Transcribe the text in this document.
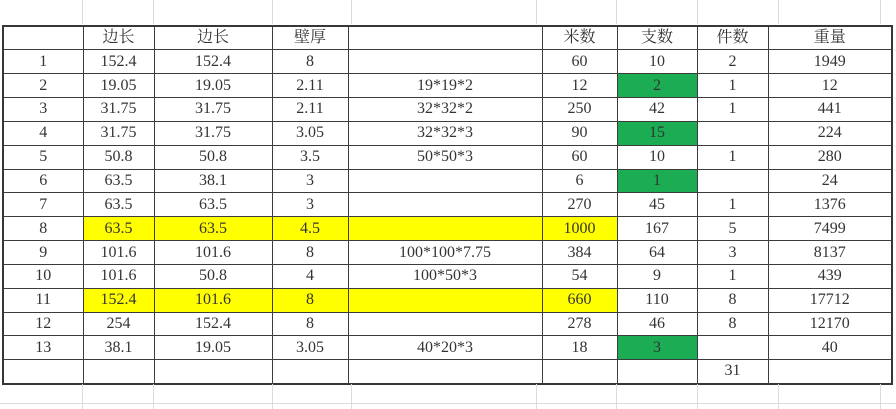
	边长	边长	壁厚		米数	支数	件数	重量
1	152.4	152.4	8		60	10	2	1949
2	19.05	19.05	2.11	19*19*2	12	2	1	12
3	31.75	31.75	2.11	32*32*2	250	42	1	441
4	31.75	31.75	3.05	32*32*3	90	15		224
5	50.8	50.8	3.5	50*50*3	60	10	1	280
6	63.5	38.1	3		6	1		24
7	63.5	63.5	3		270	45	1	1376
8	63.5	63.5	4.5		1000	167	5	7499
9	101.6	101.6	8	100*100*7.75	384	64	3	8137
10	101.6	50.8	4	100*50*3	54	9	1	439
11	152.4	101.6	8		660	110	8	17712
12	254	152.4	8		278	46	8	12170
13	38.1	19.05	3.05	40*20*3	18	3		40
							31	
